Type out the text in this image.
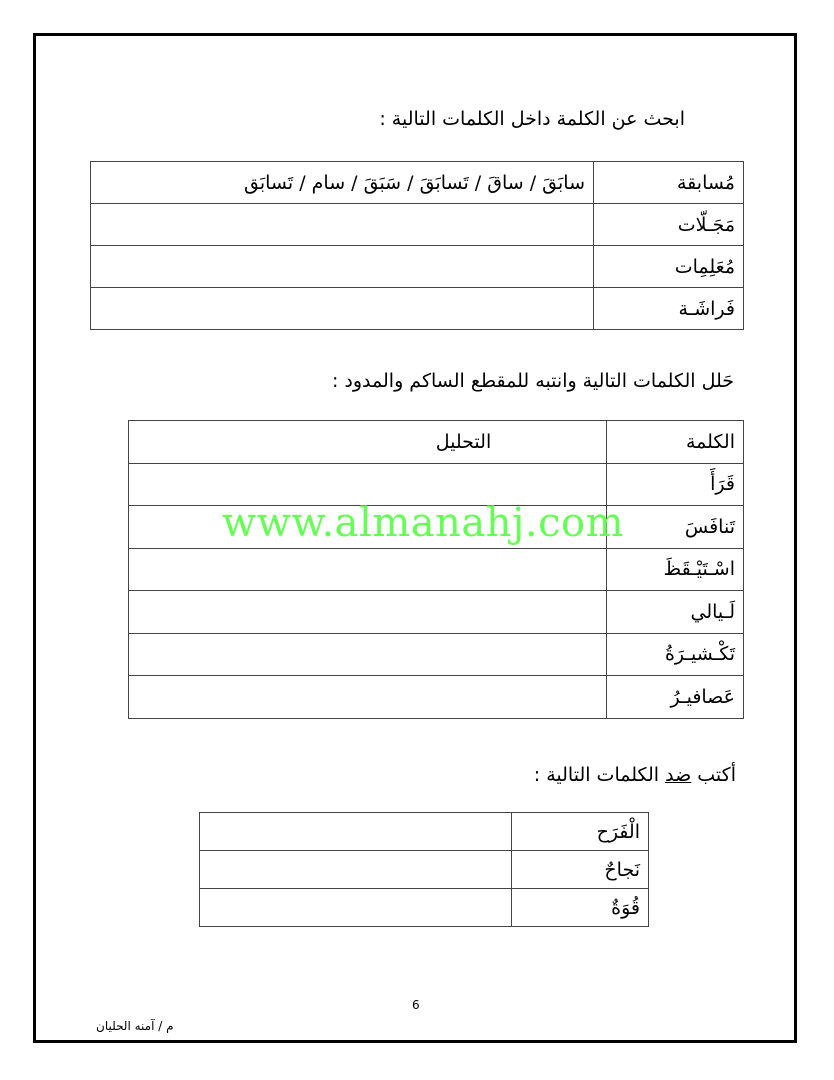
ابحث عن الكلمة داخل الكلمات التالية :
مُسابقة	سابَقَ / ساقَ / تَسابَقَ / سَبَقَ / سام / تَسابَق
مَجَـلّات	
مُعَلِمِات	
فَراشَـة	
حَلل الكلمات التالية وانتبه للمقطع الساكم والمدود :
الكلمة	التحليل
قَرَأَ	
تَنافَسَ	
اسْـتَيْـقَظَ	
لَـيالي	
تَكْـشيـرَةُ	
عَصافيـرُ	
www.almanahj.com
أكتب ضد الكلمات التالية :
الْفَرَح	
نَجاحٌ	
قُوَةٌ	
6
م / آمنه الحليان
